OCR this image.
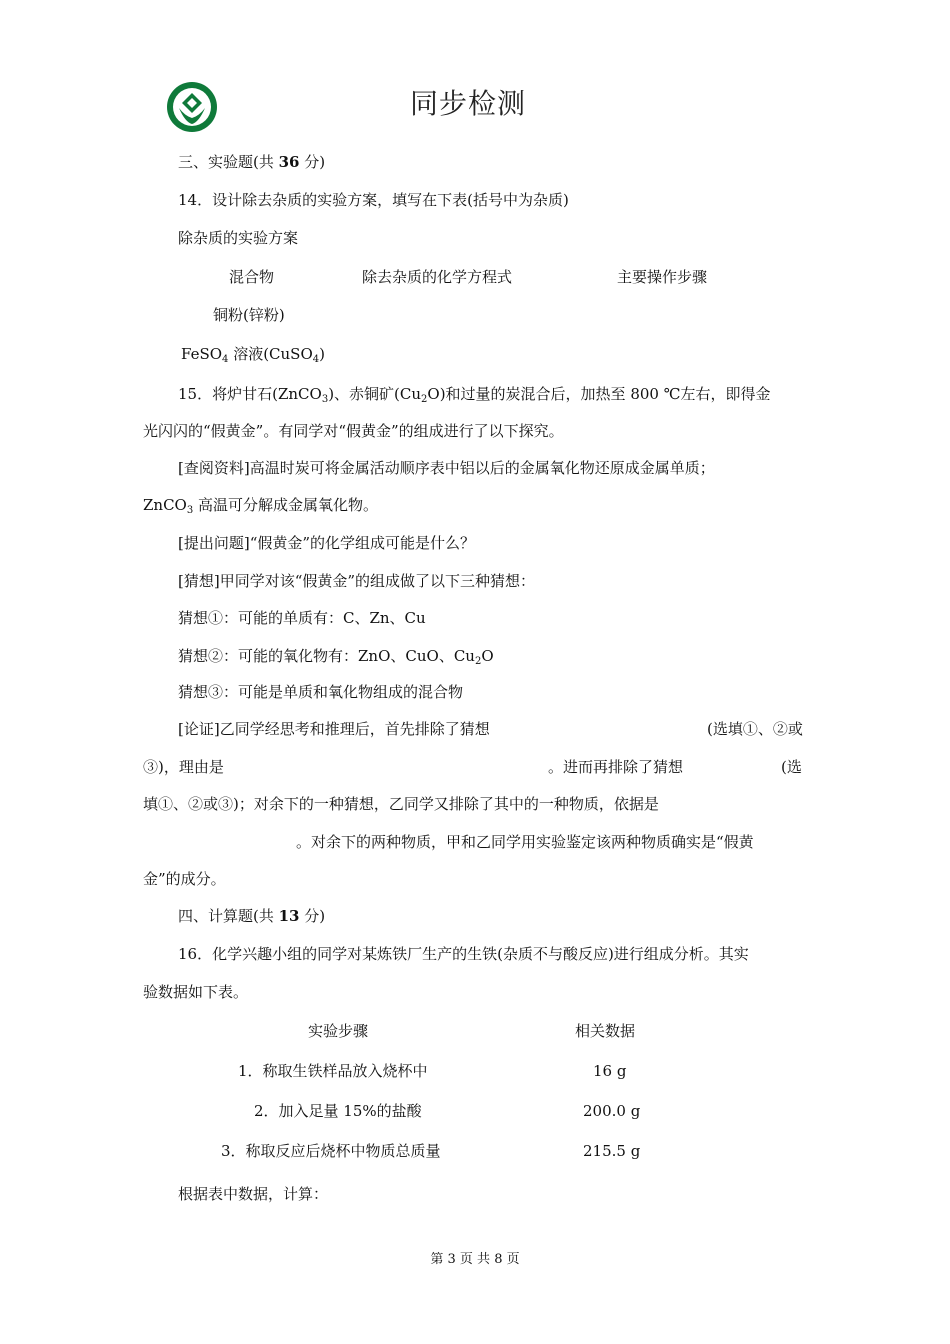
同步检测
三、实验题(共 36 分)
14．设计除去杂质的实验方案，填写在下表(括号中为杂质)
除杂质的实验方案
混合物	除去杂质的化学方程式	主要操作步骤
铜粉(锌粉)
FeSO$_4$ 溶液(CuSO$_4$)
15．将炉甘石(ZnCO$_3$)、赤铜矿$(Cu_2O)$和过量的炭混合后，加热至 800 ℃左右，即得金
光闪闪的“假黄金”。有同学对“假黄金”的组成进行了以下探究。
[查阅资料]高温时炭可将金属活动顺序表中铝以后的金属氧化物还原成金属单质；
ZnCO$_3$ 高温可分解成金属氧化物。
[提出问题]“假黄金”的化学组成可能是什么？
[猜想]甲同学对该“假黄金”的组成做了以下三种猜想：
猜想①：可能的单质有：C、Zn、Cu
猜想②：可能的氧化物有：ZnO、CuO、$Cu_2O$
猜想③：可能是单质和氧化物组成的混合物
[论证]乙同学经思考和推理后，首先排除了猜想	(选填①、②或
③)，理由是	。进而再排除了猜想	(选
填①、②或③)；对余下的一种猜想，乙同学又排除了其中的一种物质，依据是
。对余下的两种物质，甲和乙同学用实验鉴定该两种物质确实是“假黄
金”的成分。
四、计算题(共 13 分)
16．化学兴趣小组的同学对某炼铁厂生产的生铁(杂质不与酸反应)进行组成分析。其实
验数据如下表。
实验步骤	相关数据
1．称取生铁样品放入烧杯中	16 g
2．加入足量 15%的盐酸	200.0 g
3．称取反应后烧杯中物质总质量	215.5 g
根据表中数据，计算：
第 3 页 共 8 页
